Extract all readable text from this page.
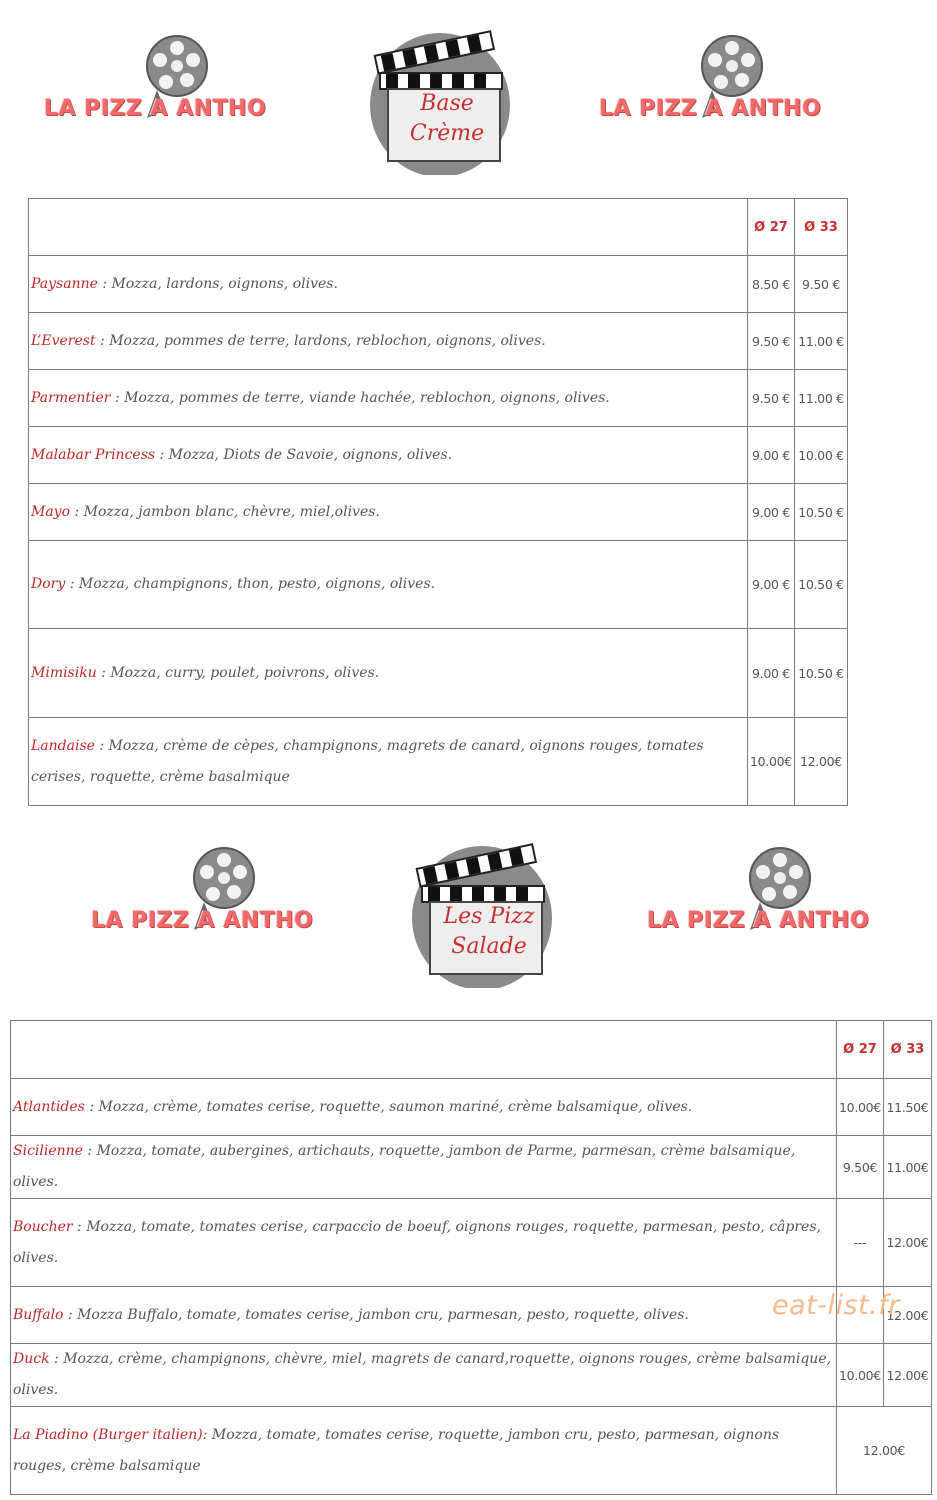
LA PIZZ A ANTHO	Base
Crème
LA PIZZ A ANTHO
	Ø 27	Ø 33
Paysanne : Mozza, lardons, oignons, olives.	8.50 €	9.50 €
L’Everest : Mozza, pommes de terre, lardons, reblochon, oignons, olives.	9.50 €	11.00 €
Parmentier : Mozza, pommes de terre, viande hachée, reblochon, oignons, olives.	9.50 €	11.00 €
Malabar Princess : Mozza, Diots de Savoie, oignons, olives.	9.00 €	10.00 €
Mayo : Mozza, jambon blanc, chèvre, miel,olives.	9.00 €	10.50 €
Dory : Mozza, champignons, thon, pesto, oignons, olives.	9.00 €	10.50 €
Mimisiku : Mozza, curry, poulet, poivrons, olives.	9.00 €	10.50 €
Landaise : Mozza, crème de cèpes, champignons, magrets de canard, oignons rouges, tomates cerises, roquette, crème basalmique	10.00€	12.00€
LA PIZZ A ANTHO	Les Pizz
Salade
LA PIZZ A ANTHO
	Ø 27	Ø 33
Atlantides : Mozza, crème, tomates cerise, roquette, saumon mariné, crème balsamique, olives.	10.00€	11.50€
Sicilienne : Mozza, tomate, aubergines, artichauts, roquette, jambon de Parme, parmesan, crème balsamique, olives.	9.50€	11.00€
Boucher : Mozza, tomate, tomates cerise, carpaccio de boeuf, oignons rouges, roquette, parmesan, pesto, câpres, olives.	---	12.00€
Buffalo : Mozza Buffalo, tomate, tomates cerise, jambon cru, parmesan, pesto, roquette, olives.		12.00€
Duck : Mozza, crème, champignons, chèvre, miel, magrets de canard,roquette, oignons rouges, crème balsamique, olives.	10.00€	12.00€
La Piadino (Burger italien): Mozza, tomate, tomates cerise, roquette, jambon cru, pesto, parmesan, oignons rouges, crème balsamique	12.00€	
eat-list.fr
